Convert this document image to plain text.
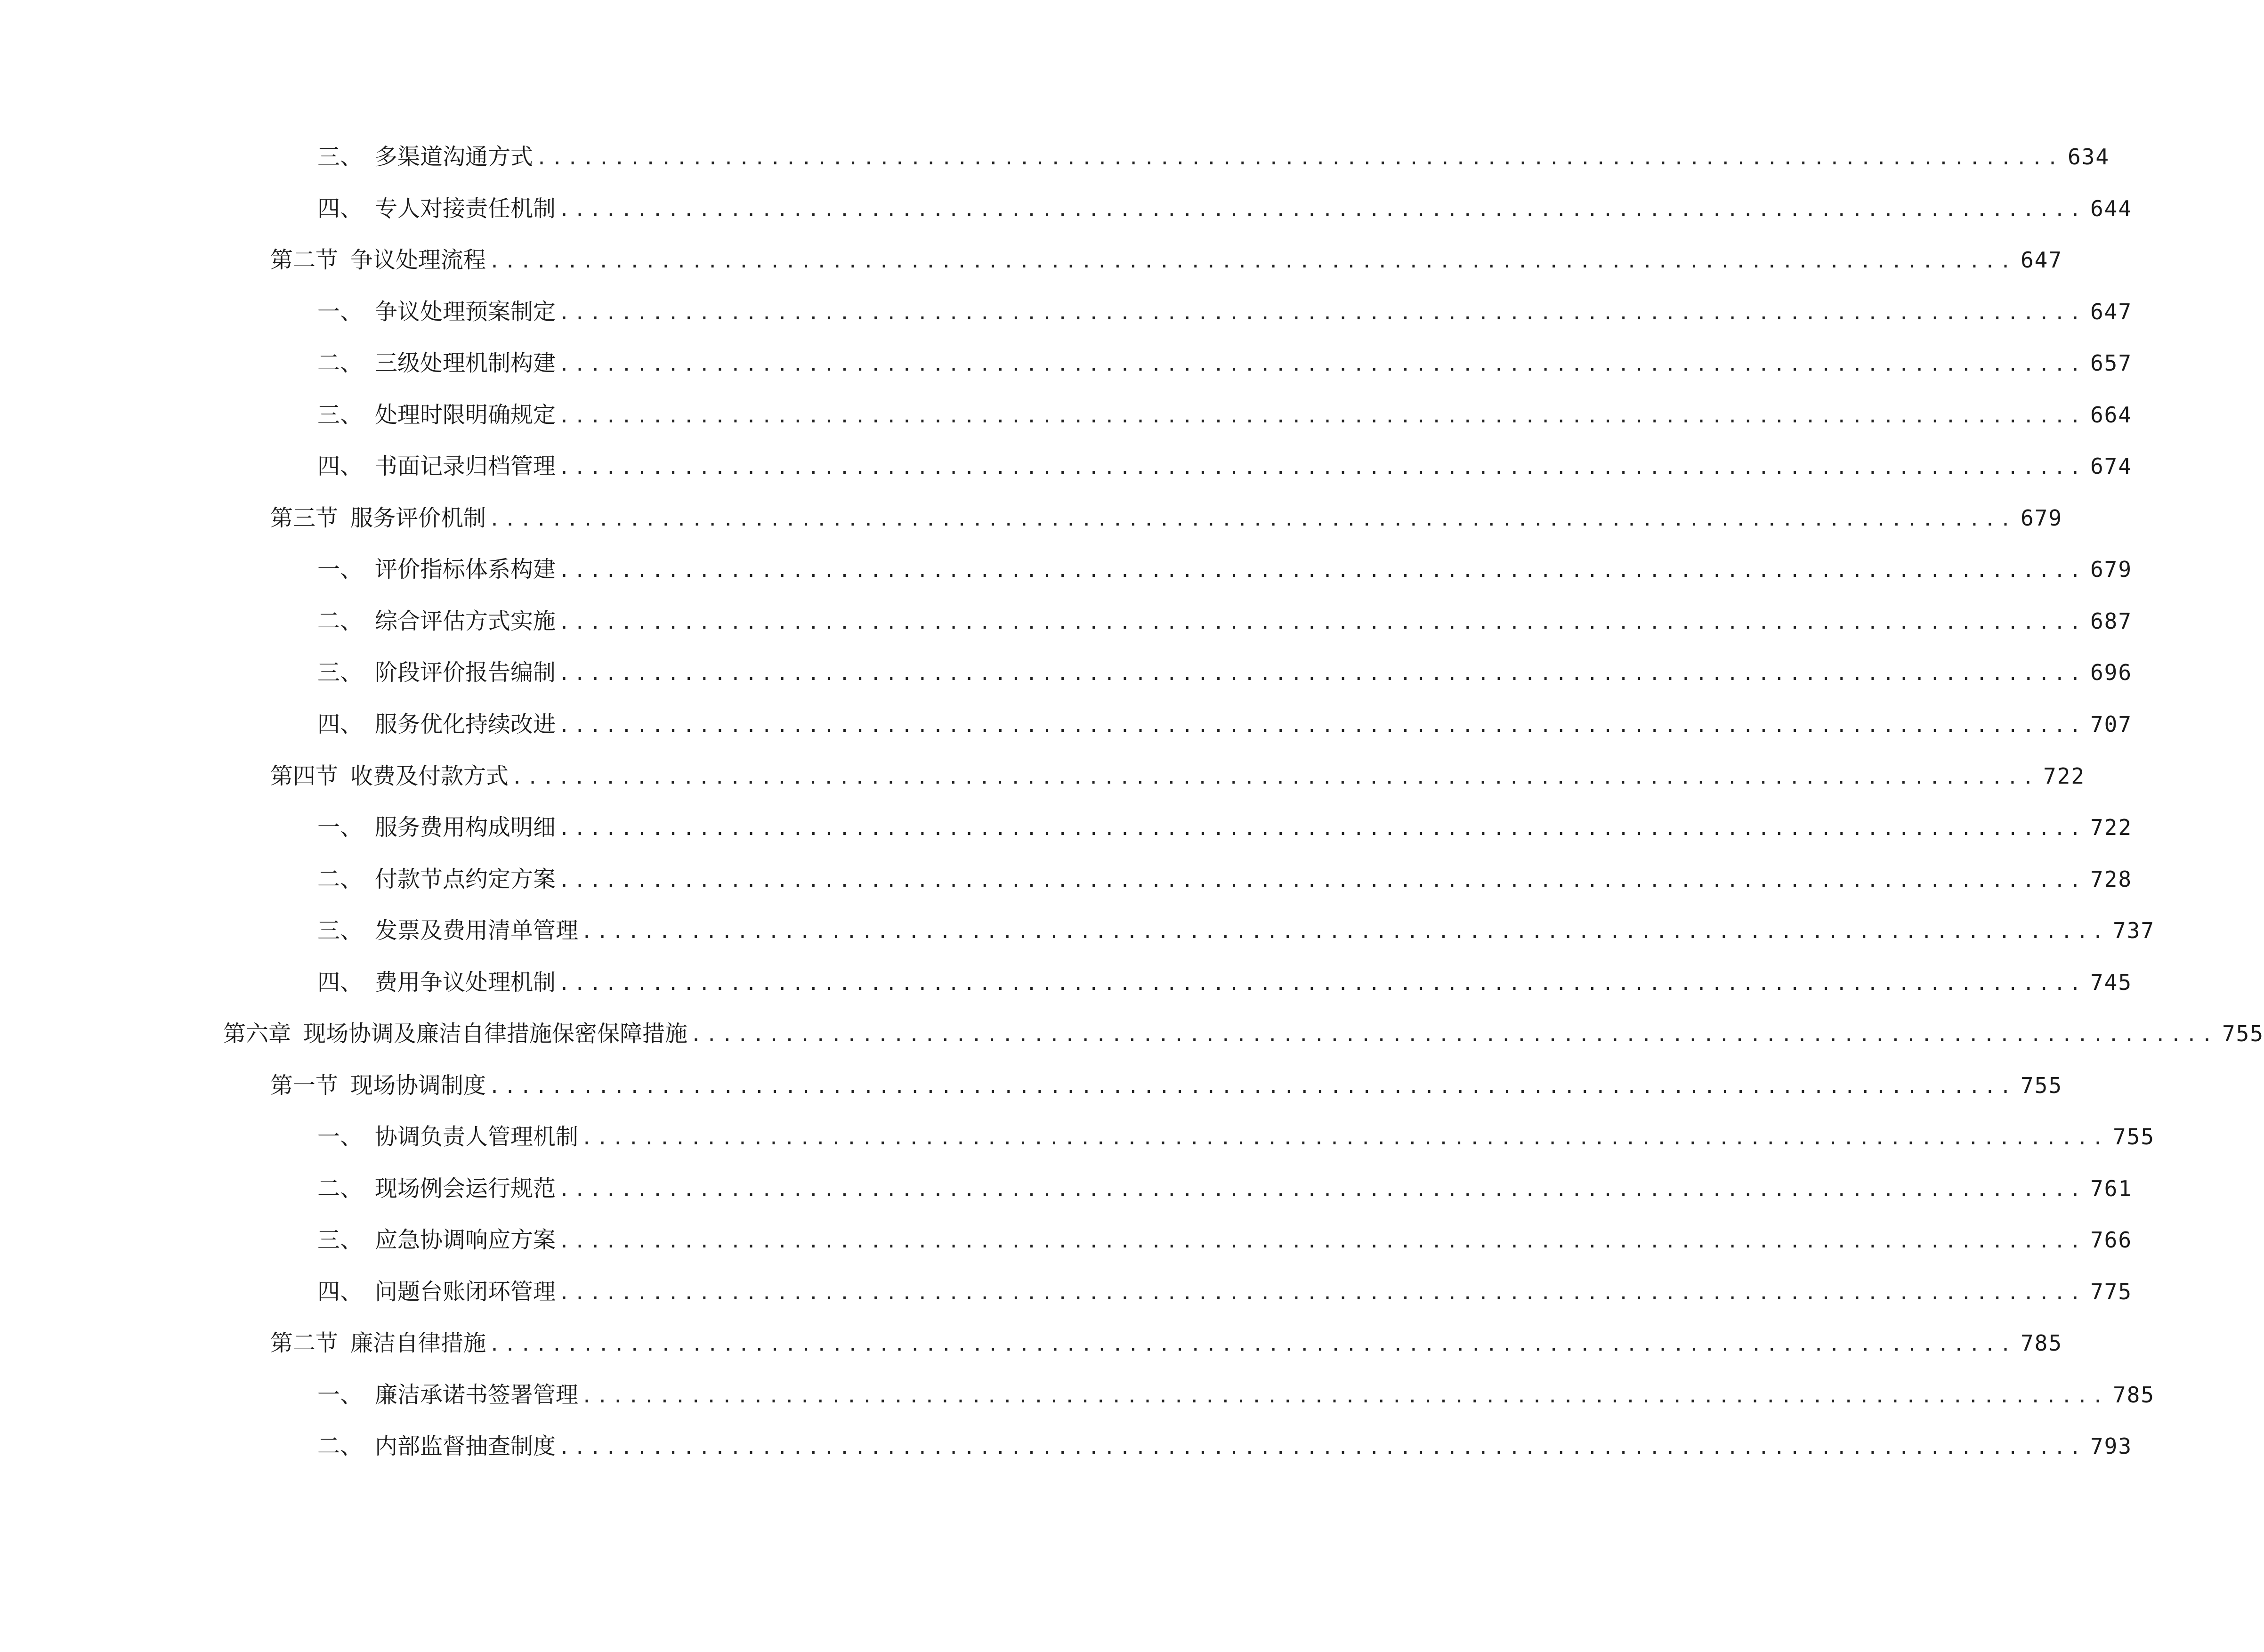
三、 多渠道沟通方式 .................................................................................................. 634
四、 专人对接责任机制 .................................................................................................. 644
第二节 争议处理流程 .................................................................................................. 647
一、 争议处理预案制定 .................................................................................................. 647
二、 三级处理机制构建 .................................................................................................. 657
三、 处理时限明确规定 .................................................................................................. 664
四、 书面记录归档管理 .................................................................................................. 674
第三节 服务评价机制 .................................................................................................. 679
一、 评价指标体系构建 .................................................................................................. 679
二、 综合评估方式实施 .................................................................................................. 687
三、 阶段评价报告编制 .................................................................................................. 696
四、 服务优化持续改进 .................................................................................................. 707
第四节 收费及付款方式 .................................................................................................. 722
一、 服务费用构成明细 .................................................................................................. 722
二、 付款节点约定方案 .................................................................................................. 728
三、 发票及费用清单管理 .................................................................................................. 737
四、 费用争议处理机制 .................................................................................................. 745
第六章 现场协调及廉洁自律措施保密保障措施 .................................................................................................. 755
第一节 现场协调制度 .................................................................................................. 755
一、 协调负责人管理机制 .................................................................................................. 755
二、 现场例会运行规范 .................................................................................................. 761
三、 应急协调响应方案 .................................................................................................. 766
四、 问题台账闭环管理 .................................................................................................. 775
第二节 廉洁自律措施 .................................................................................................. 785
一、 廉洁承诺书签署管理 .................................................................................................. 785
二、 内部监督抽查制度 .................................................................................................. 793
